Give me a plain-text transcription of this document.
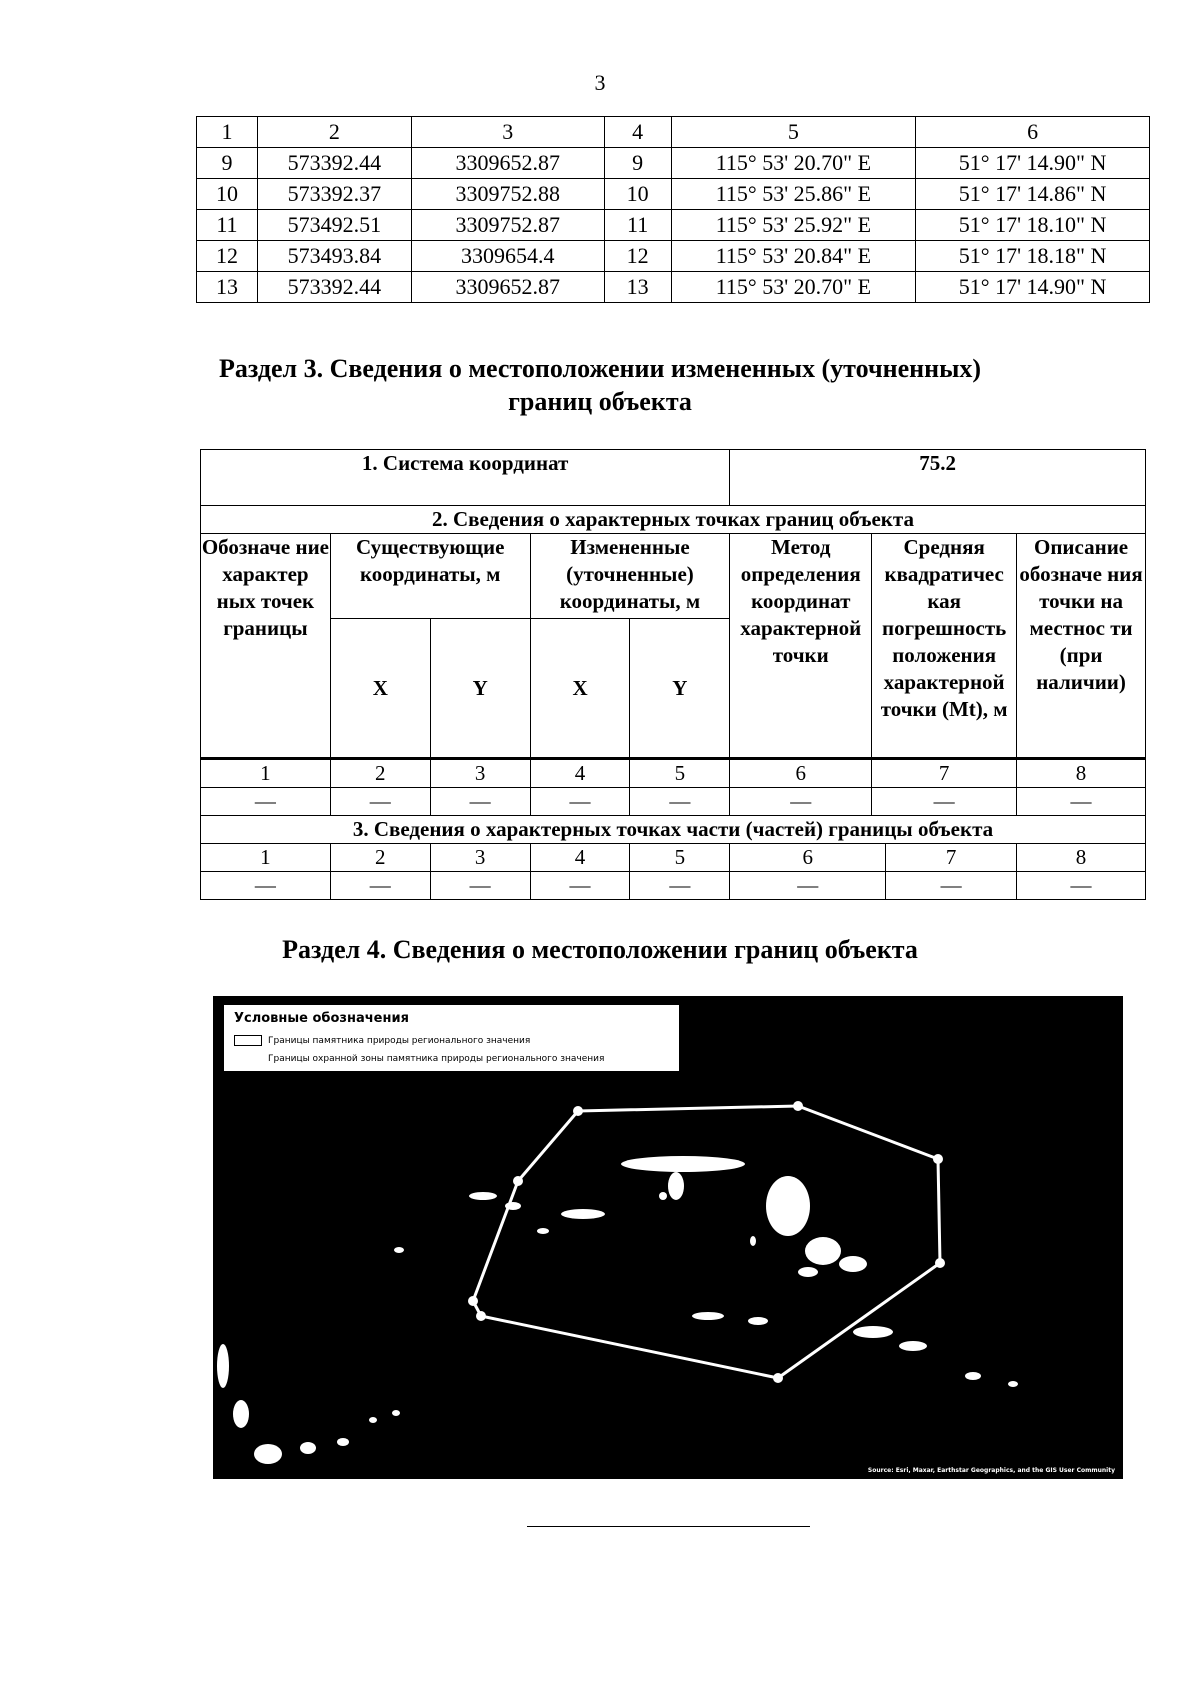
3
1	2	3	4	5	6
9	573392.44	3309652.87	9	115° 53' 20.70" E	51° 17' 14.90" N
10	573392.37	3309752.88	10	115° 53' 25.86" E	51° 17' 14.86" N
11	573492.51	3309752.87	11	115° 53' 25.92" E	51° 17' 18.10" N
12	573493.84	3309654.4	12	115° 53' 20.84" E	51° 17' 18.18" N
13	573392.44	3309652.87	13	115° 53' 20.70" E	51° 17' 14.90" N
Раздел 3. Сведения о местоположении измененных (уточненных)
границ объекта
1. Система координат					75.2			
2. Сведения о характерных точках границ объекта								
Обозначе ние характер ных точек границы	Существующие координаты, м		Измененные (уточненные) координаты, м		Метод определения координат характерной точки	Средняя квадратичес кая погрешность положения характерной точки (Mt), м		Описание обозначе ния точки на местнос ти (при наличии)
	X	Y	X	Y				
1	2	3	4	5	6	7		8
—	—	—	—	—	—	—		—
3. Сведения о характерных точках части (частей) границы объекта								
1	2	3	4	5	6		7	8
—	—	—	—	—	—		—	—
Раздел 4. Сведения о местоположении границ объекта
Условные обозначения
Границы памятника природы регионального значения
Границы охранной зоны памятника природы регионального значения
Source: Esri, Maxar, Earthstar Geographics, and the GIS User Community
